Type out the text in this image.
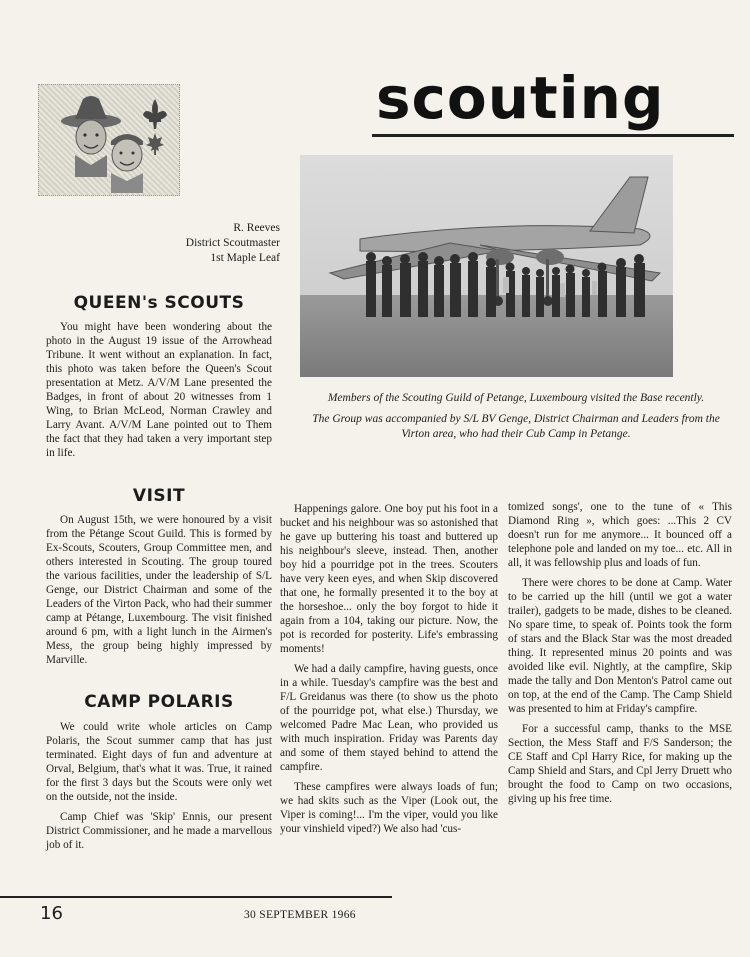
scouting
R. Reeves
District Scoutmaster
1st Maple Leaf

Members of the Scouting Guild of Petange, Luxembourg visited the Base recently.

The Group was accompanied by S/L BV Genge, District Chairman and Leaders from the Virton area, who had their Cub Camp in Petange.

QUEEN's SCOUTS

You might have been wondering about the photo in the August 19 issue of the Arrowhead Tribune. It went without an explanation. In fact, this photo was taken before the Queen's Scout presentation at Metz. A/V/M Lane presented the Badges, in front of about 20 witnesses from 1 Wing, to Brian McLeod, Norman Crawley and Larry Avant. A/V/M Lane pointed out to Them the fact that they had taken a very important step in life.

VISIT

On August 15th, we were honoured by a visit from the Pétange Scout Guild. This is formed by Ex-Scouts, Scouters, Group Committee men, and others interested in Scouting. The group toured the various facilities, under the leadership of S/L Genge, our District Chairman and some of the Leaders of the Virton Pack, who had their summer camp at Pétange, Luxembourg. The visit finished around 6 pm, with a light lunch in the Airmen's Mess, the group being highly impressed by Marville.

CAMP POLARIS

We could write whole articles on Camp Polaris, the Scout summer camp that has just terminated. Eight days of fun and adventure at Orval, Belgium, that's what it was. True, it rained for the first 3 days but the Scouts were only wet on the outside, not the inside.

Camp Chief was 'Skip' Ennis, our present District Commissioner, and he made a marvellous job of it.

Happenings galore. One boy put his foot in a bucket and his neighbour was so astonished that he gave up buttering his toast and buttered up his neighbour's sleeve, instead. Then, another boy hid a pourridge pot in the trees. Scouters have very keen eyes, and when Skip discovered that one, he formally presented it to the boy at the horseshoe... only the boy forgot to hide it again from a 104, taking our picture. Now, the pot is recorded for posterity. Life's embrassing moments!

We had a daily campfire, having guests, once in a while. Tuesday's campfire was the best and F/L Greidanus was there (to show us the photo of the pourridge pot, what else.) Thursday, we welcomed Padre Mac Lean, who provided us with much inspiration. Friday was Parents day and some of them stayed behind to attend the campfire.

These campfires were always loads of fun; we had skits such as the Viper (Look out, the Viper is coming!... I'm the viper, vould you like your vinshield viped?) We also had 'cus-

tomized songs', one to the tune of « This Diamond Ring », which goes: ...This 2 CV doesn't run for me anymore... It bounced off a telephone pole and landed on my toe... etc. All in all, it was fellowship plus and loads of fun.

There were chores to be done at Camp. Water to be carried up the hill (until we got a water trailer), gadgets to be made, dishes to be cleaned. No spare time, to speak of. Points took the form of stars and the Black Star was the most dreaded thing. It represented minus 20 points and was avoided like evil. Nightly, at the campfire, Skip made the tally and Don Menton's Patrol came out on top, at the end of the Camp. The Camp Shield was presented to him at Friday's campfire.

For a successful camp, thanks to the MSE Section, the Mess Staff and F/S Sanderson; the CE Staff and Cpl Harry Rice, for making up the Camp Shield and Stars, and Cpl Jerry Druett who brought the food to Camp on two occasions, giving up his free time.

16	30 SEPTEMBER 1966
